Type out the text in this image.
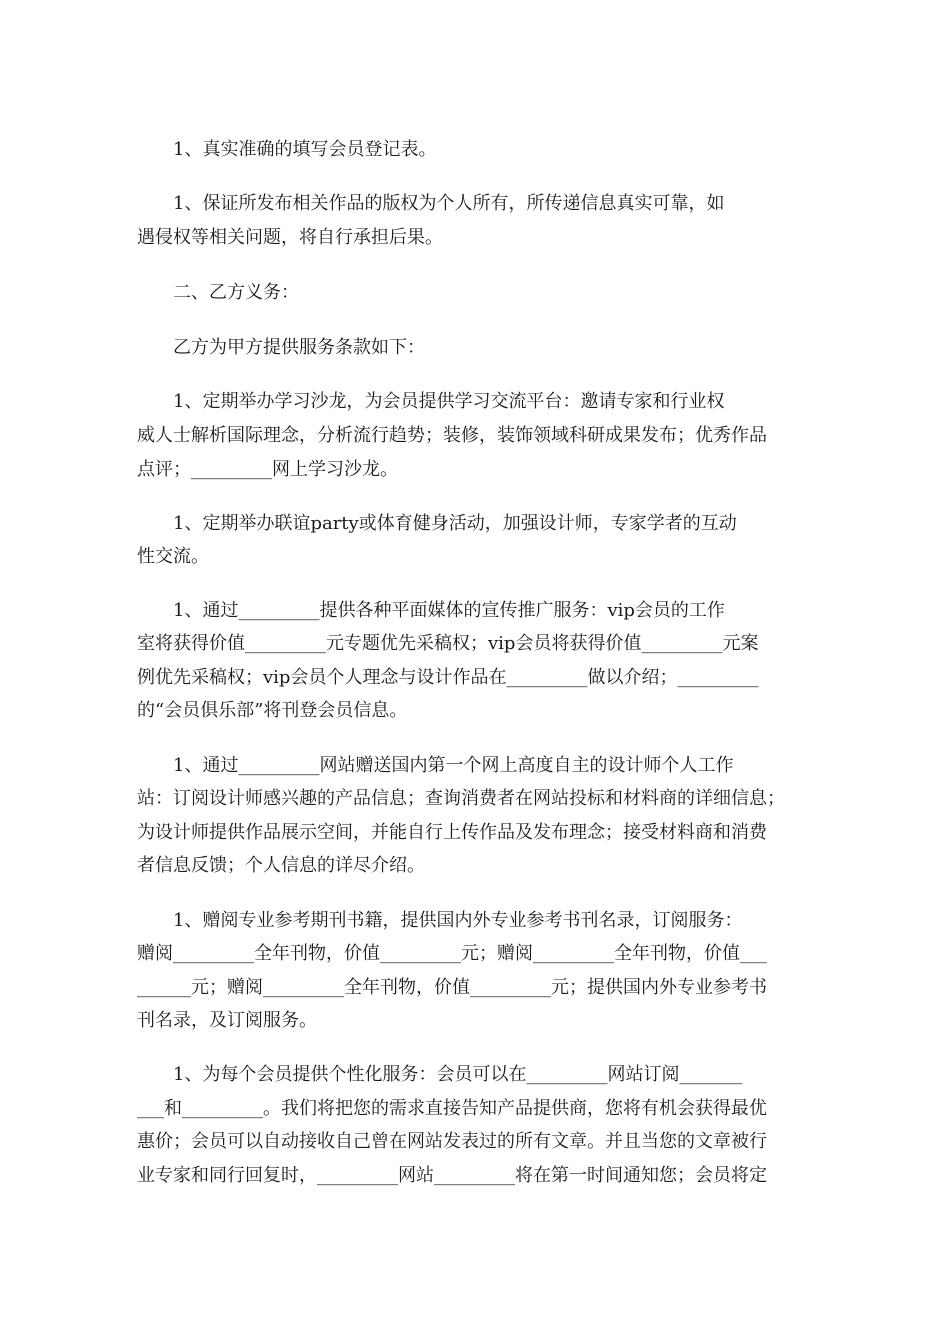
　　1、真实准确的填写会员登记表。
　　1、保证所发布相关作品的版权为个人所有，所传递信息真实可靠，如
遇侵权等相关问题，将自行承担后果。
　　二、乙方义务：
　　乙方为甲方提供服务条款如下：
　　1、定期举办学习沙龙，为会员提供学习交流平台：邀请专家和行业权
威人士解析国际理念，分析流行趋势；装修，装饰领域科研成果发布；优秀作品
点评；_________网上学习沙龙。
　　1、定期举办联谊party或体育健身活动，加强设计师，专家学者的互动
性交流。
　　1、通过_________提供各种平面媒体的宣传推广服务：vip会员的工作
室将获得价值_________元专题优先采稿权；vip会员将获得价值_________元案
例优先采稿权；vip会员个人理念与设计作品在_________做以介绍；_________
的“会员俱乐部”将刊登会员信息。
　　1、通过_________网站赠送国内第一个网上高度自主的设计师个人工作
站：订阅设计师感兴趣的产品信息；查询消费者在网站投标和材料商的详细信息；
为设计师提供作品展示空间，并能自行上传作品及发布理念；接受材料商和消费
者信息反馈；个人信息的详尽介绍。
　　1、赠阅专业参考期刊书籍，提供国内外专业参考书刊名录，订阅服务：
赠阅_________全年刊物，价值_________元；赠阅_________全年刊物，价值___
______元；赠阅_________全年刊物，价值_________元；提供国内外专业参考书
刊名录，及订阅服务。
　　1、为每个会员提供个性化服务：会员可以在_________网站订阅_______
___和_________。我们将把您的需求直接告知产品提供商，您将有机会获得最优
惠价；会员可以自动接收自己曾在网站发表过的所有文章。并且当您的文章被行
业专家和同行回复时，_________网站_________将在第一时间通知您；会员将定
